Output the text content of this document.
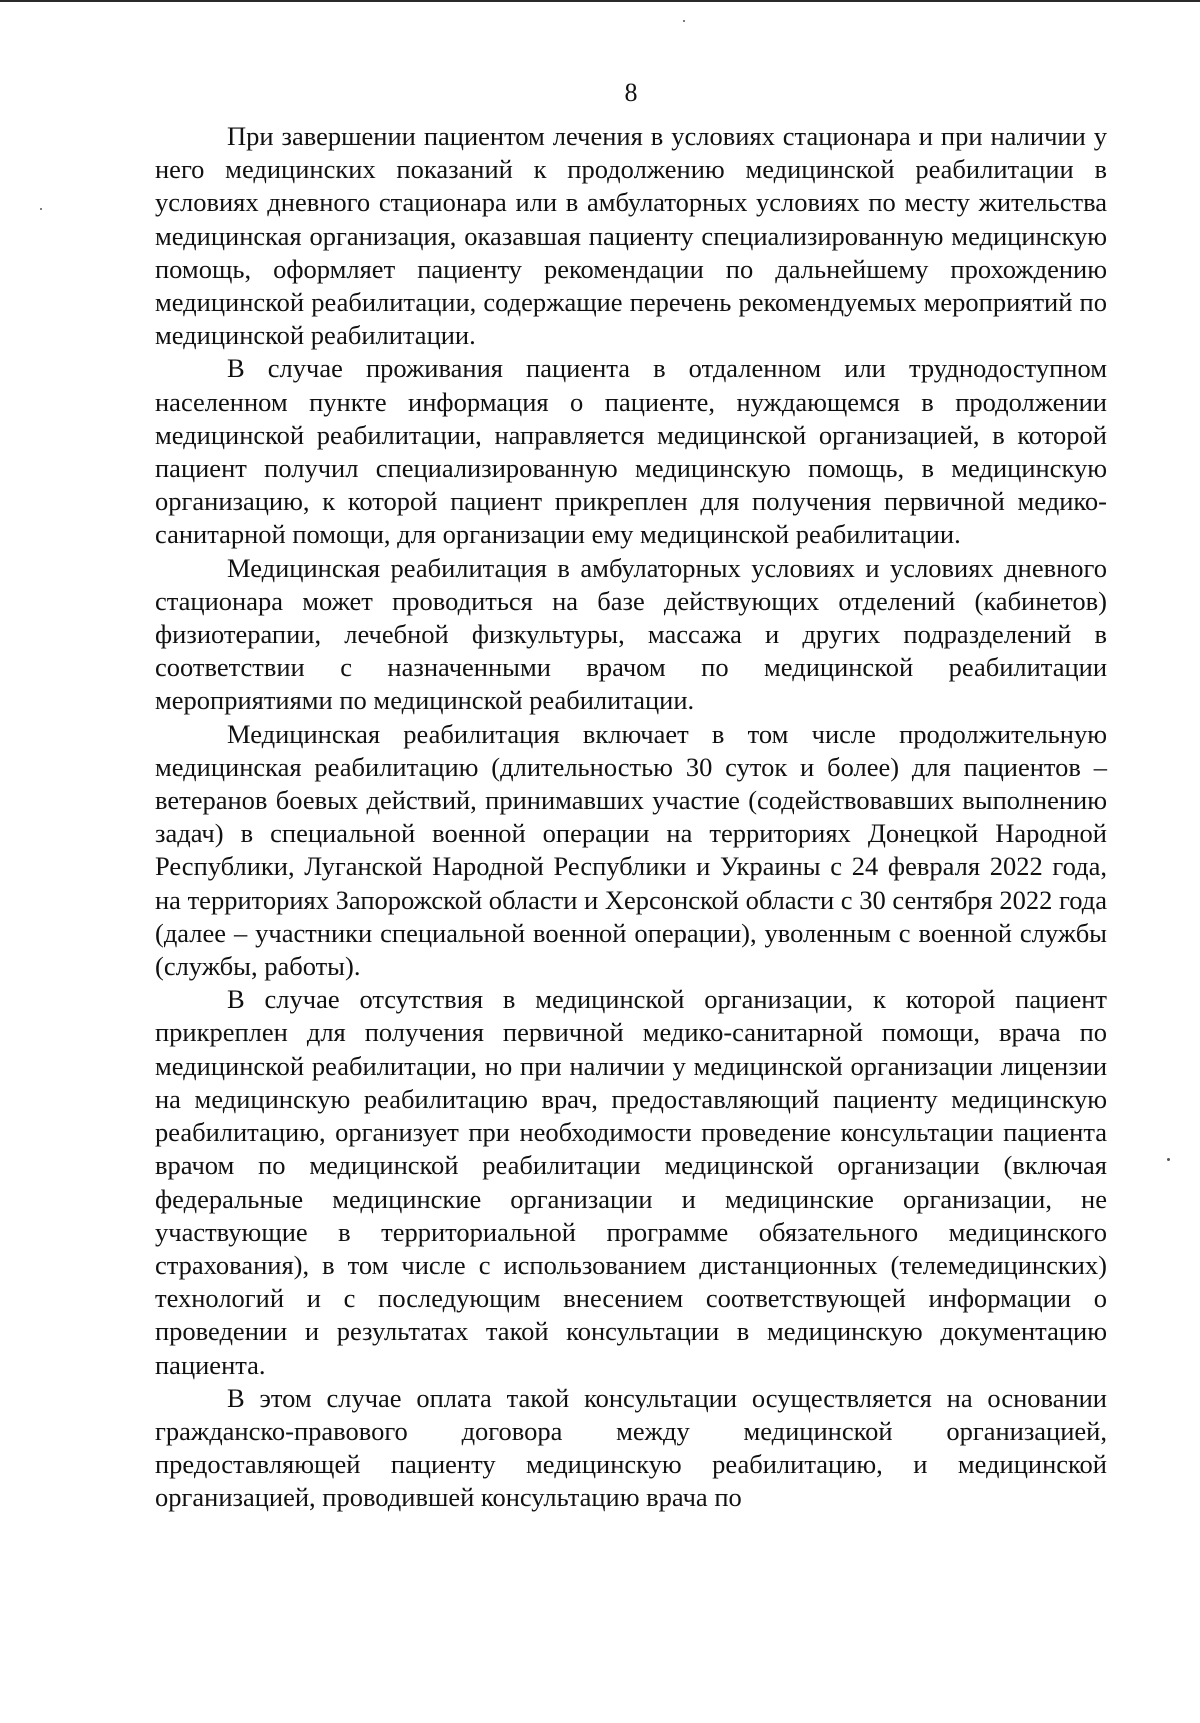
8

При завершении пациентом лечения в условиях стационара и при наличии у него медицинских показаний к продолжению медицинской реабилитации в условиях дневного стационара или в амбулаторных условиях по месту жительства медицинская организация, оказавшая пациенту специализированную медицинскую помощь, оформляет пациенту рекомендации по дальнейшему прохождению медицинской реабилитации, содержащие перечень рекомендуемых мероприятий по медицинской реабилитации.

В случае проживания пациента в отдаленном или труднодоступном населенном пункте информация о пациенте, нуждающемся в продолжении медицинской реабилитации, направляется медицинской организацией, в которой пациент получил специализированную медицинскую помощь, в медицинскую организацию, к которой пациент прикреплен для получения первичной медико-санитарной помощи, для организации ему медицинской реабилитации.

Медицинская реабилитация в амбулаторных условиях и условиях дневного стационара может проводиться на базе действующих отделений (кабинетов) физиотерапии, лечебной физкультуры, массажа и других подразделений в соответствии с назначенными врачом по медицинской реабилитации мероприятиями по медицинской реабилитации.

Медицинская реабилитация включает в том числе продолжительную медицинская реабилитацию (длительностью 30 суток и более) для пациентов – ветеранов боевых действий, принимавших участие (содействовавших выполнению задач) в специальной военной операции на территориях Донецкой Народной Республики, Луганской Народной Республики и Украины с 24 февраля 2022 года, на территориях Запорожской области и Херсонской области с 30 сентября 2022 года (далее – участники специальной военной операции), уволенным с военной службы (службы, работы).

В случае отсутствия в медицинской организации, к которой пациент прикреплен для получения первичной медико-санитарной помощи, врача по медицинской реабилитации, но при наличии у медицинской организации лицензии на медицинскую реабилитацию врач, предоставляющий пациенту медицинскую реабилитацию, организует при необходимости проведение консультации пациента врачом по медицинской реабилитации медицинской организации (включая федеральные медицинские организации и медицинские организации, не участвующие в территориальной программе обязательного медицинского страхования), в том числе с использованием дистанционных (телемедицинских) технологий и с последующим внесением соответствующей информации о проведении и результатах такой консультации в медицинскую документацию пациента.

В этом случае оплата такой консультации осуществляется на основании гражданско-правового договора между медицинской организацией, предоставляющей пациенту медицинскую реабилитацию, и медицинской организацией, проводившей консультацию врача по
